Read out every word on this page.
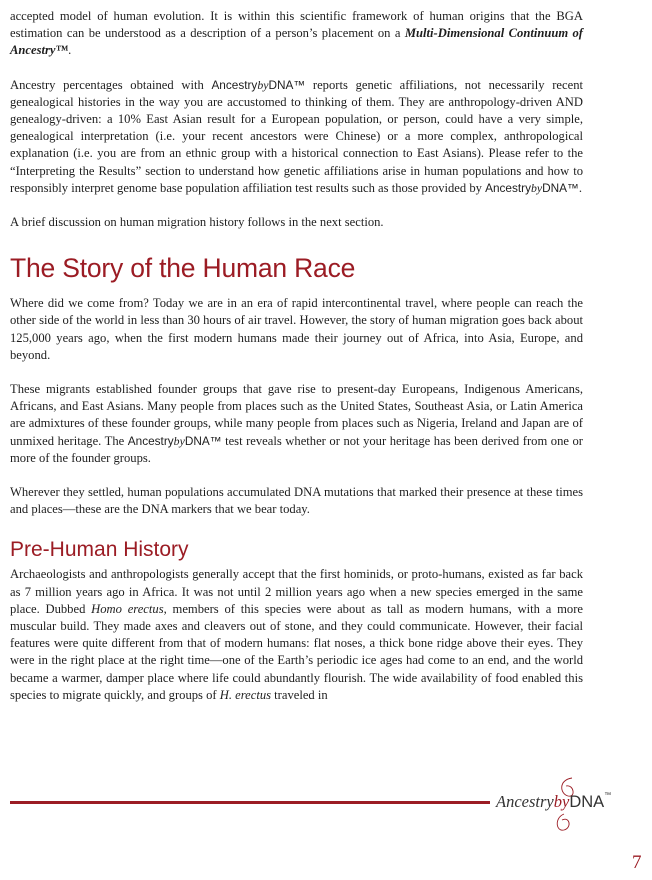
accepted model of human evolution. It is within this scientific framework of human origins that the BGA estimation can be understood as a description of a person’s placement on a Multi-Dimensional Continuum of Ancestry™.

Ancestry percentages obtained with AncestrybyDNA™ reports genetic affiliations, not necessarily recent genealogical histories in the way you are accustomed to thinking of them. They are anthropology-driven AND genealogy-driven: a 10% East Asian result for a European population, or person, could have a very simple, genealogical interpretation (i.e. your recent ancestors were Chinese) or a more complex, anthropological explanation (i.e. you are from an ethnic group with a historical connection to East Asians). Please refer to the “Interpreting the Results” section to understand how genetic affiliations arise in human populations and how to responsibly interpret genome base population affiliation test results such as those provided by AncestrybyDNA™.

A brief discussion on human migration history follows in the next section.

The Story of the Human Race

Where did we come from? Today we are in an era of rapid intercontinental travel, where people can reach the other side of the world in less than 30 hours of air travel. However, the story of human migration goes back about 125,000 years ago, when the first modern humans made their journey out of Africa, into Asia, Europe, and beyond.

These migrants established founder groups that gave rise to present-day Europeans, Indigenous Americans, Africans, and East Asians. Many people from places such as the United States, Southeast Asia, or Latin America are admixtures of these founder groups, while many people from places such as Nigeria, Ireland and Japan are of unmixed heritage. The AncestrybyDNA™ test reveals whether or not your heritage has been derived from one or more of the founder groups.

Wherever they settled, human populations accumulated DNA mutations that marked their presence at these times and places—these are the DNA markers that we bear today.

Pre-Human History

Archaeologists and anthropologists generally accept that the first hominids, or proto-humans, existed as far back as 7 million years ago in Africa. It was not until 2 million years ago when a new species emerged in the same place. Dubbed Homo erectus, members of this species were about as tall as modern humans, with a more muscular build. They made axes and cleavers out of stone, and they could communicate. However, their facial features were quite different from that of modern humans: flat noses, a thick bone ridge above their eyes. They were in the right place at the right time—one of the Earth’s periodic ice ages had come to an end, and the world became a warmer, damper place where life could abundantly flourish. The wide availability of food enabled this species to migrate quickly, and groups of H. erectus traveled in

AncestrybyDNA™
7
